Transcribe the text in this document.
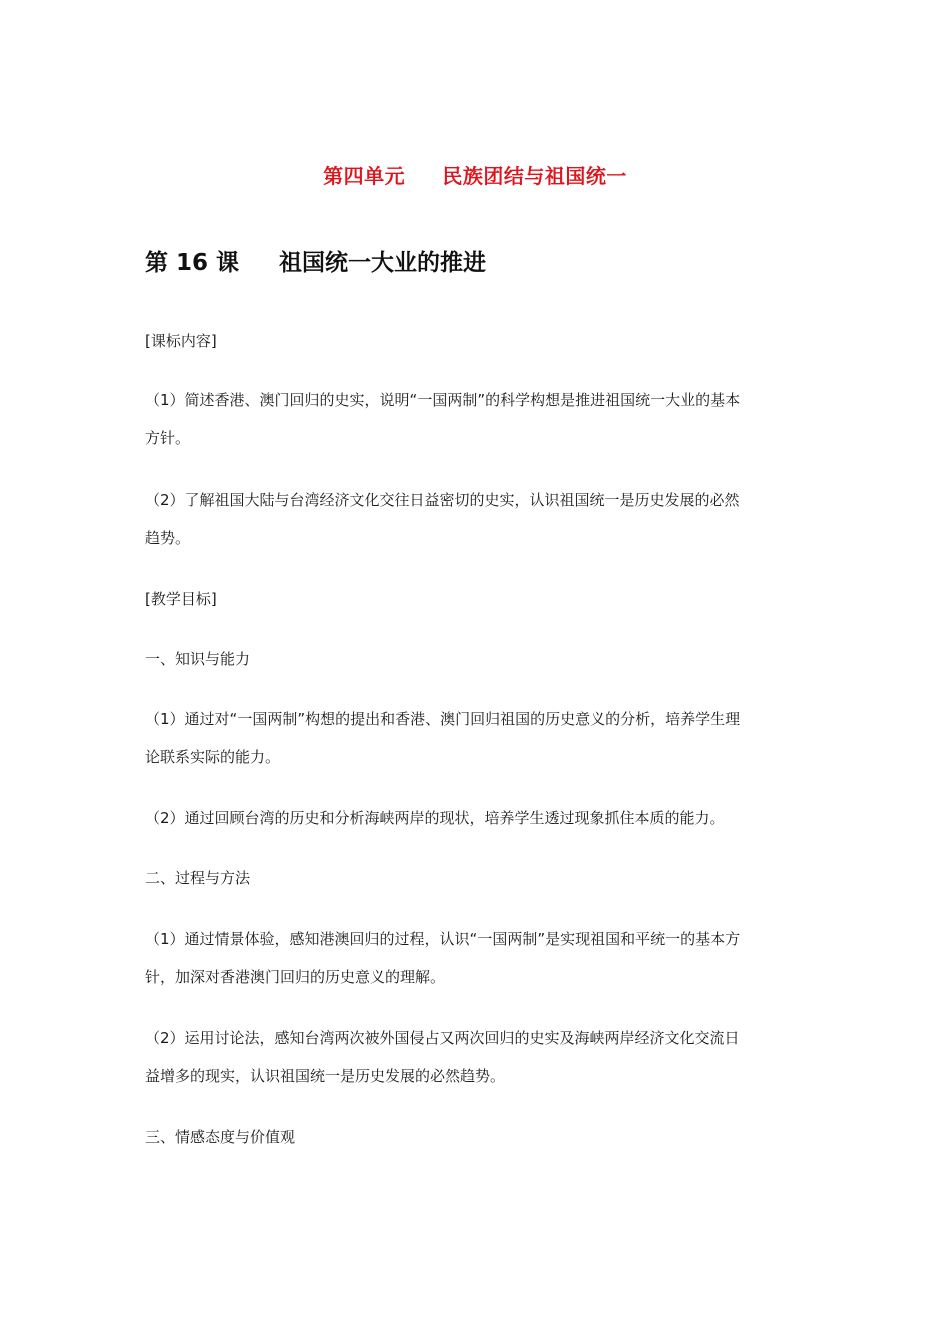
第四单元     民族团结与祖国统一
第 16 课     祖国统一大业的推进
[课标内容]
（1）简述香港、澳门回归的史实，说明“一国两制”的科学构想是推进祖国统一大业的基本
方针。
（2）了解祖国大陆与台湾经济文化交往日益密切的史实，认识祖国统一是历史发展的必然
趋势。
[教学目标]
一、知识与能力
（1）通过对“一国两制”构想的提出和香港、澳门回归祖国的历史意义的分析，培养学生理
论联系实际的能力。
（2）通过回顾台湾的历史和分析海峡两岸的现状，培养学生透过现象抓住本质的能力。
二、过程与方法
（1）通过情景体验，感知港澳回归的过程，认识“一国两制”是实现祖国和平统一的基本方
针，加深对香港澳门回归的历史意义的理解。
（2）运用讨论法，感知台湾两次被外国侵占又两次回归的史实及海峡两岸经济文化交流日
益增多的现实，认识祖国统一是历史发展的必然趋势。
三、情感态度与价值观
